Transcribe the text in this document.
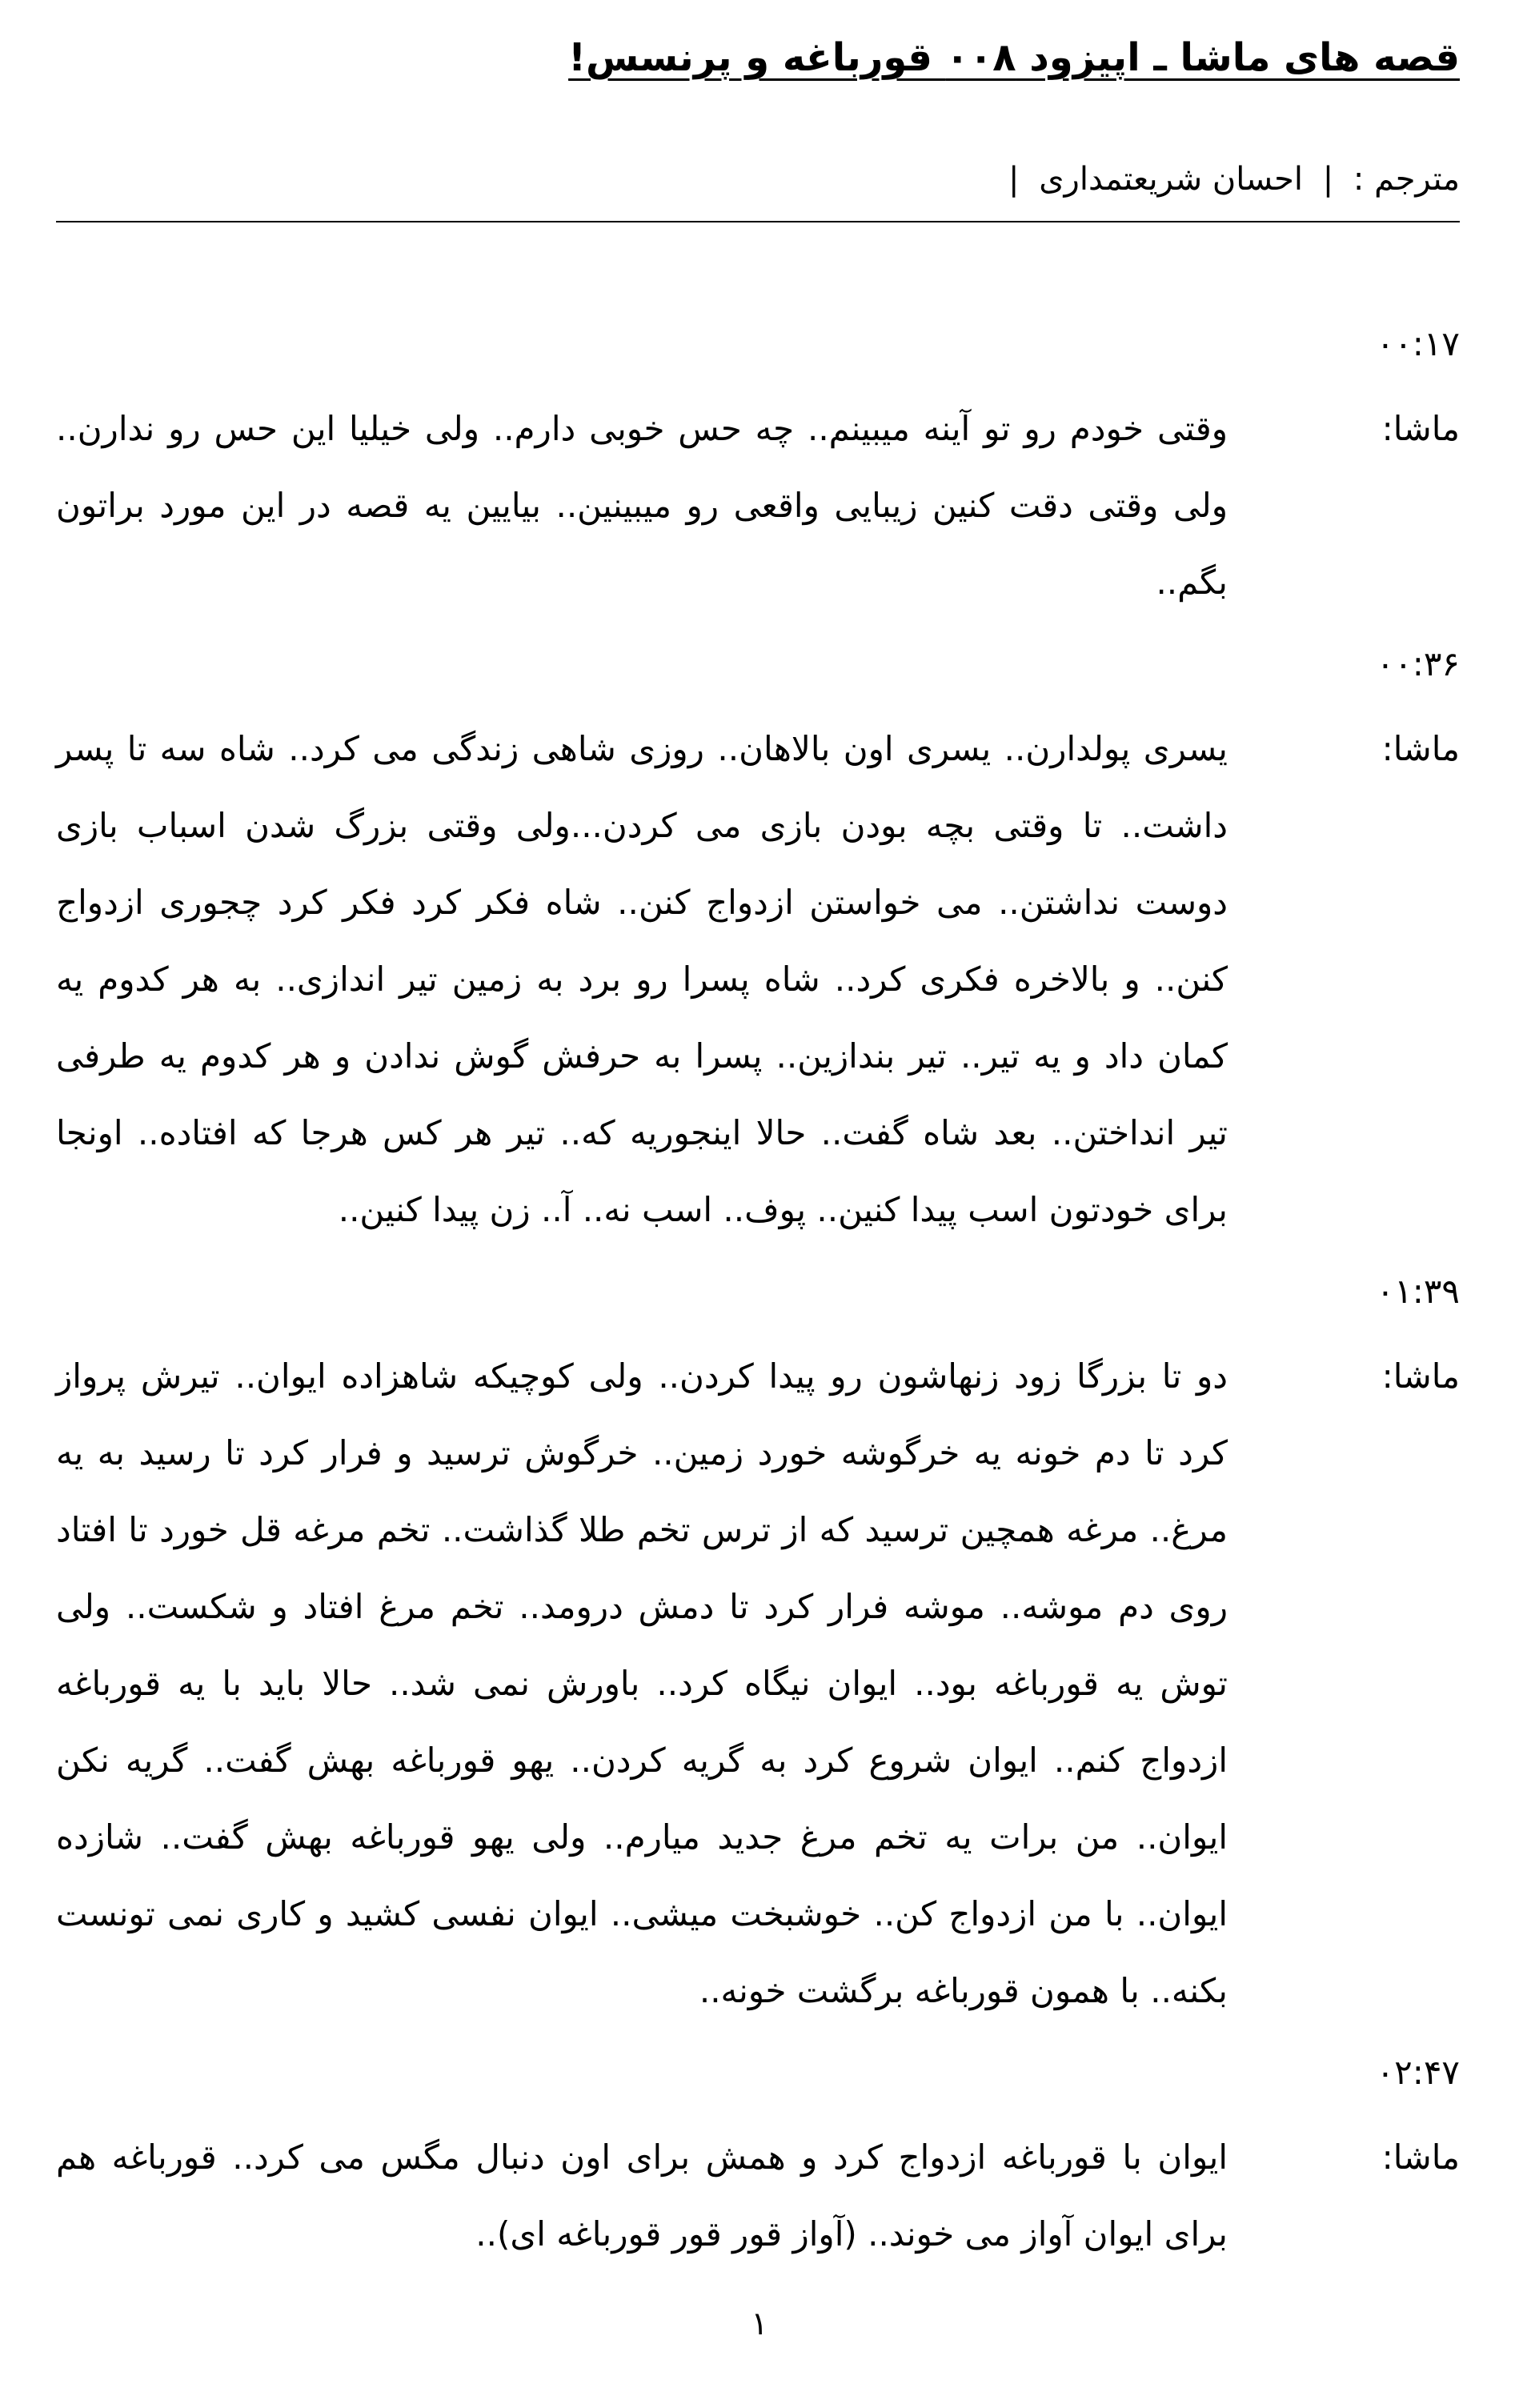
قصه های ماشا ـ اپیزود ۰۰۸ قورباغه و پرنسس!
مترجم : | احسان شریعتمداری |
۰۰:۱۷
ماشا:

وقتی خودم رو تو آینه میبینم.. چه حس خوبی دارم.. ولی خیلیا این حس رو ندارن.. ولی وقتی دقت کنین زیبایی واقعی رو میبینین.. بیایین یه قصه در این مورد براتون بگم..

۰۰:۳۶
ماشا:

یسری پولدارن.. یسری اون بالاهان.. روزی شاهی زندگی می کرد.. شاه سه تا پسر داشت.. تا وقتی بچه بودن بازی می کردن...ولی وقتی بزرگ شدن اسباب بازی دوست نداشتن.. می خواستن ازدواج کنن.. شاه فکر کرد فکر کرد چجوری ازدواج کنن.. و بالاخره فکری کرد.. شاه پسرا رو برد به زمین تیر اندازی.. به هر کدوم یه کمان داد و یه تیر.. تیر بندازین.. پسرا به حرفش گوش ندادن و هر کدوم یه طرفی تیر انداختن.. بعد شاه گفت.. حالا اینجوریه که.. تیر هر کس هرجا که افتاده.. اونجا برای خودتون اسب پیدا کنین.. پوف.. اسب نه.. آ.. زن پیدا کنین..

۰۱:۳۹
ماشا:

دو تا بزرگا زود زنهاشون رو پیدا کردن.. ولی کوچیکه شاهزاده ایوان.. تیرش پرواز کرد تا دم خونه یه خرگوشه خورد زمین.. خرگوش ترسید و فرار کرد تا رسید به یه مرغ.. مرغه همچین ترسید که از ترس تخم طلا گذاشت.. تخم مرغه قل خورد تا افتاد روی دم موشه.. موشه فرار کرد تا دمش درومد.. تخم مرغ افتاد و شکست.. ولی توش یه قورباغه بود.. ایوان نیگاه کرد.. باورش نمی شد.. حالا باید با یه قورباغه ازدواج کنم.. ایوان شروع کرد به گریه کردن.. یهو قورباغه بهش گفت.. گریه نکن ایوان.. من برات یه تخم مرغ جدید میارم.. ولی یهو قورباغه بهش گفت.. شازده ایوان.. با من ازدواج کن.. خوشبخت میشی.. ایوان نفسی کشید و کاری نمی تونست بکنه.. با همون قورباغه برگشت خونه..

۰۲:۴۷
ماشا:

ایوان با قورباغه ازدواج کرد و همش برای اون دنبال مگس می کرد.. قورباغه هم برای ایوان آواز می خوند.. (آواز قور قور قورباغه ای)..

۱
